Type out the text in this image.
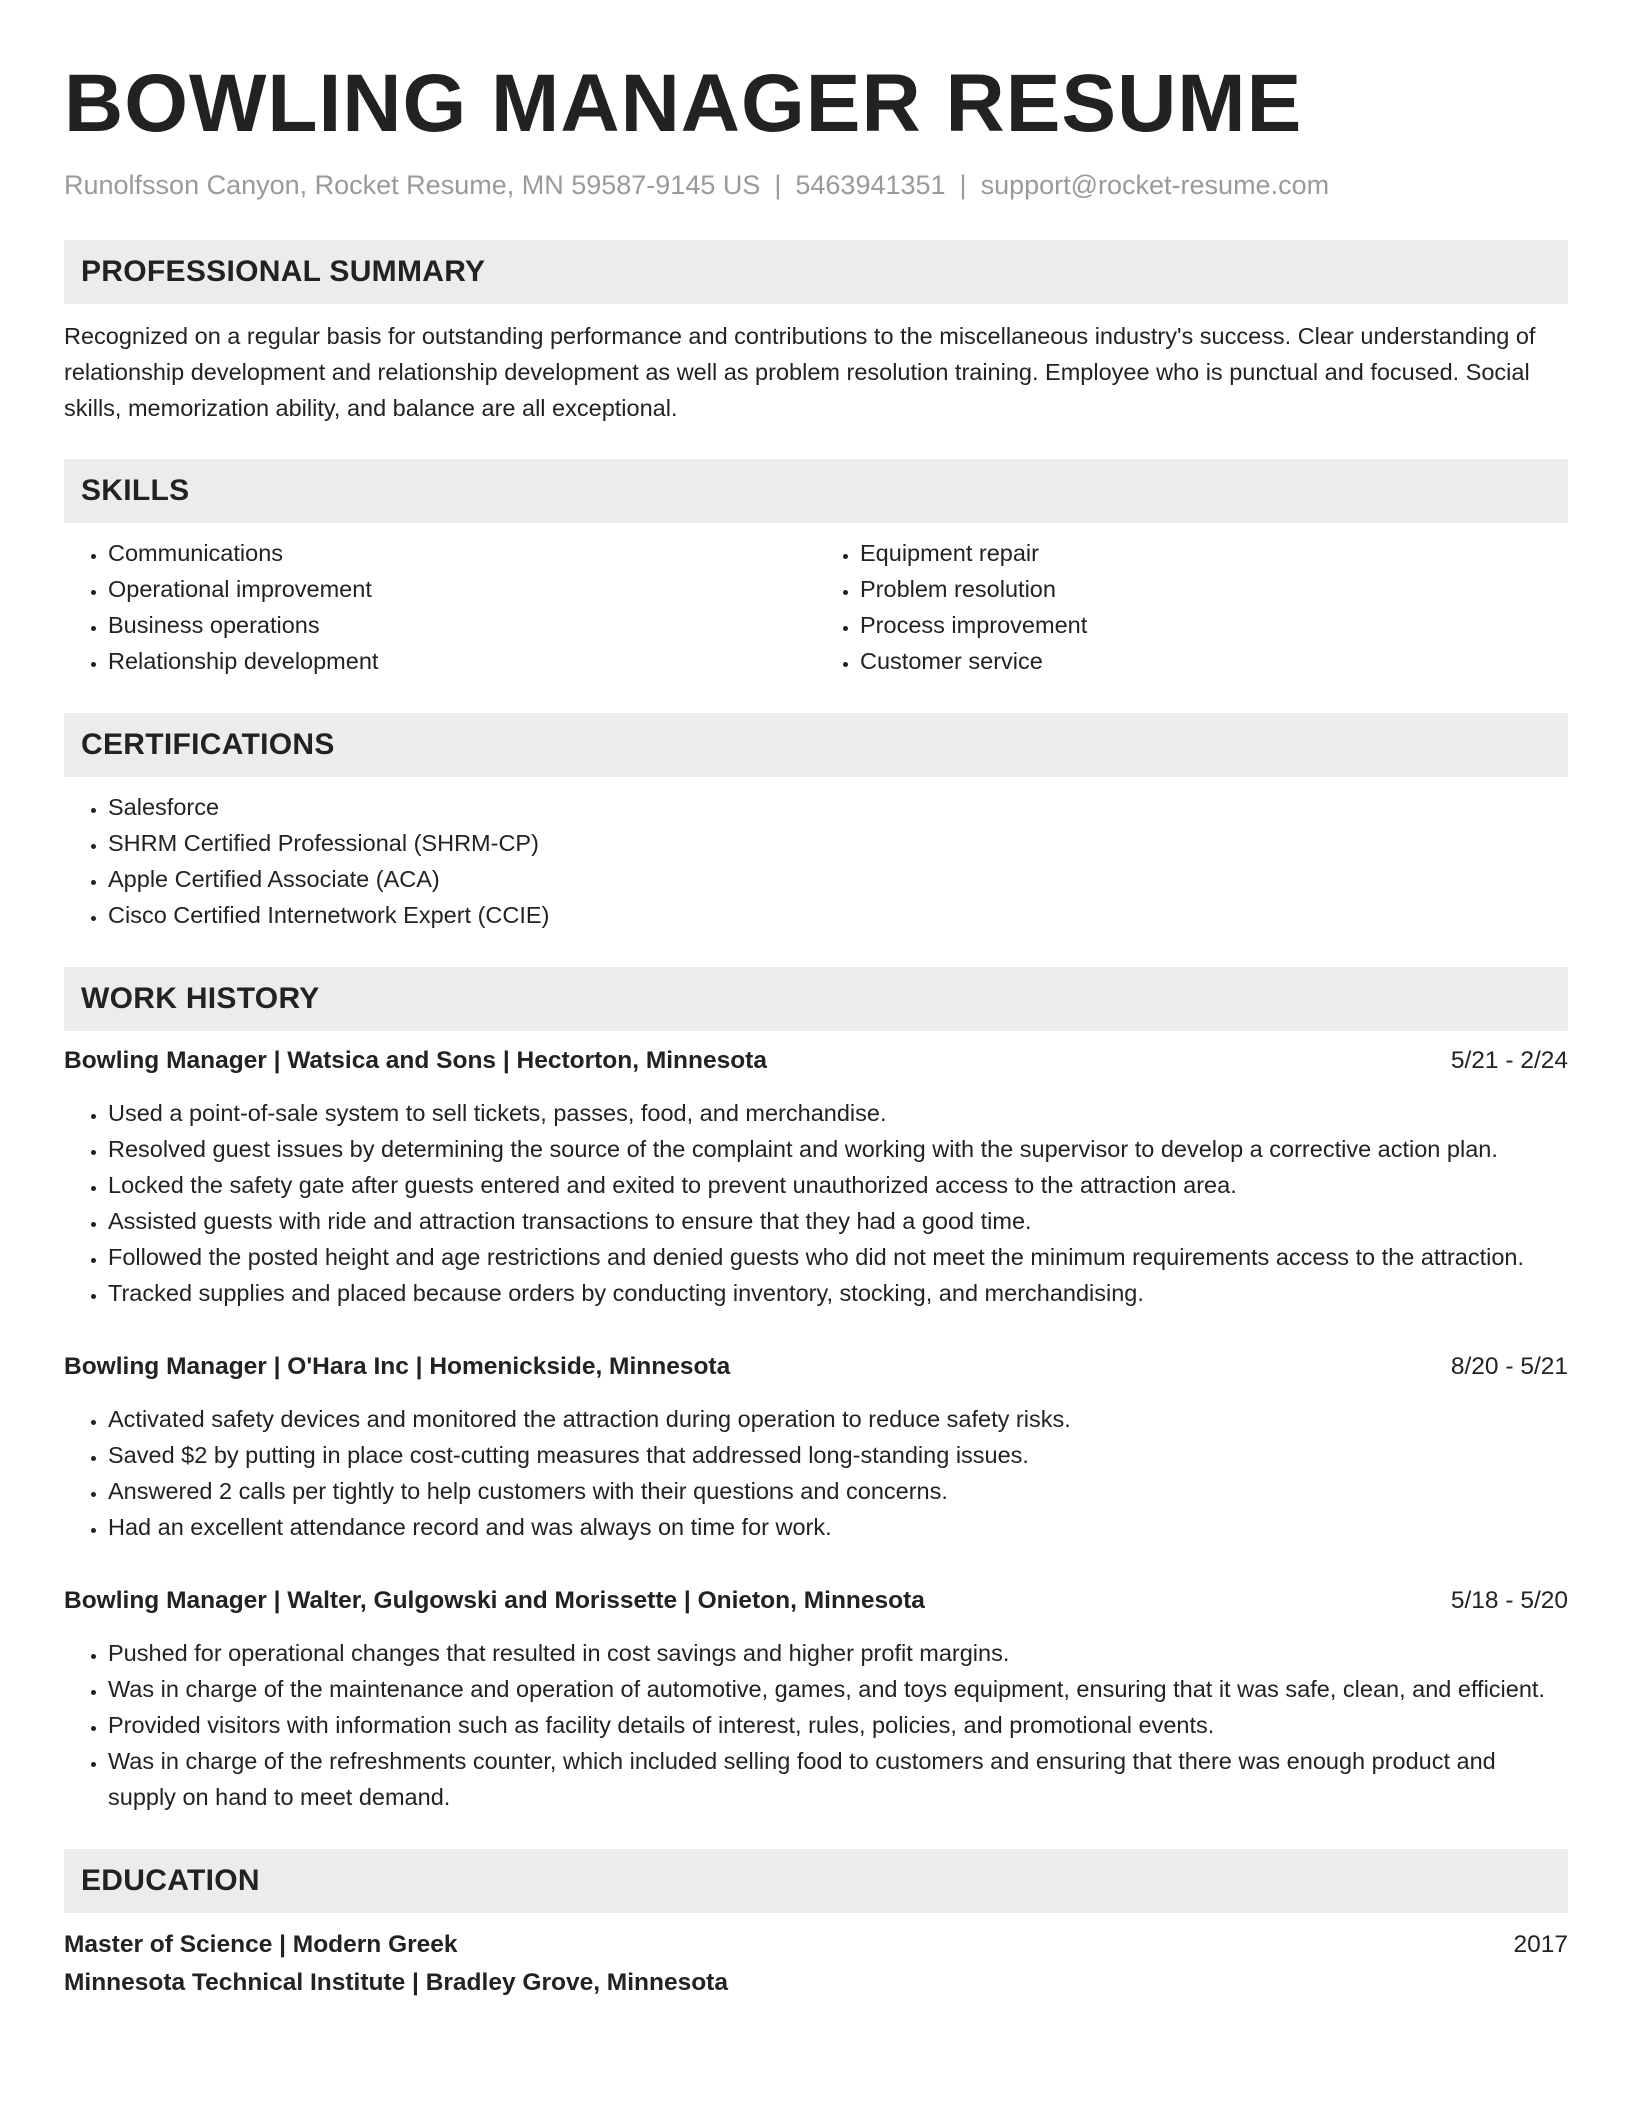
BOWLING MANAGER RESUME
Runolfsson Canyon, Rocket Resume, MN 59587-9145 US | 5463941351 | support@rocket-resume.com
PROFESSIONAL SUMMARY
Recognized on a regular basis for outstanding performance and contributions to the miscellaneous industry's success. Clear understanding of relationship development and relationship development as well as problem resolution training. Employee who is punctual and focused. Social skills, memorization ability, and balance are all exceptional.
SKILLS
• Communications
• Operational improvement
• Business operations
• Relationship development
• Equipment repair
• Problem resolution
• Process improvement
• Customer service
CERTIFICATIONS
• Salesforce
• SHRM Certified Professional (SHRM-CP)
• Apple Certified Associate (ACA)
• Cisco Certified Internetwork Expert (CCIE)
WORK HISTORY
Bowling Manager | Watsica and Sons | Hectorton, Minnesota	5/21 - 2/24
• Used a point-of-sale system to sell tickets, passes, food, and merchandise.
• Resolved guest issues by determining the source of the complaint and working with the supervisor to develop a corrective action plan.
• Locked the safety gate after guests entered and exited to prevent unauthorized access to the attraction area.
• Assisted guests with ride and attraction transactions to ensure that they had a good time.
• Followed the posted height and age restrictions and denied guests who did not meet the minimum requirements access to the attraction.
• Tracked supplies and placed because orders by conducting inventory, stocking, and merchandising.
Bowling Manager | O'Hara Inc | Homenickside, Minnesota	8/20 - 5/21
• Activated safety devices and monitored the attraction during operation to reduce safety risks.
• Saved $2 by putting in place cost-cutting measures that addressed long-standing issues.
• Answered 2 calls per tightly to help customers with their questions and concerns.
• Had an excellent attendance record and was always on time for work.
Bowling Manager | Walter, Gulgowski and Morissette | Onieton, Minnesota	5/18 - 5/20
• Pushed for operational changes that resulted in cost savings and higher profit margins.
• Was in charge of the maintenance and operation of automotive, games, and toys equipment, ensuring that it was safe, clean, and efficient.
• Provided visitors with information such as facility details of interest, rules, policies, and promotional events.
• Was in charge of the refreshments counter, which included selling food to customers and ensuring that there was enough product and supply on hand to meet demand.
EDUCATION
Master of Science | Modern Greek	2017
Minnesota Technical Institute | Bradley Grove, Minnesota
